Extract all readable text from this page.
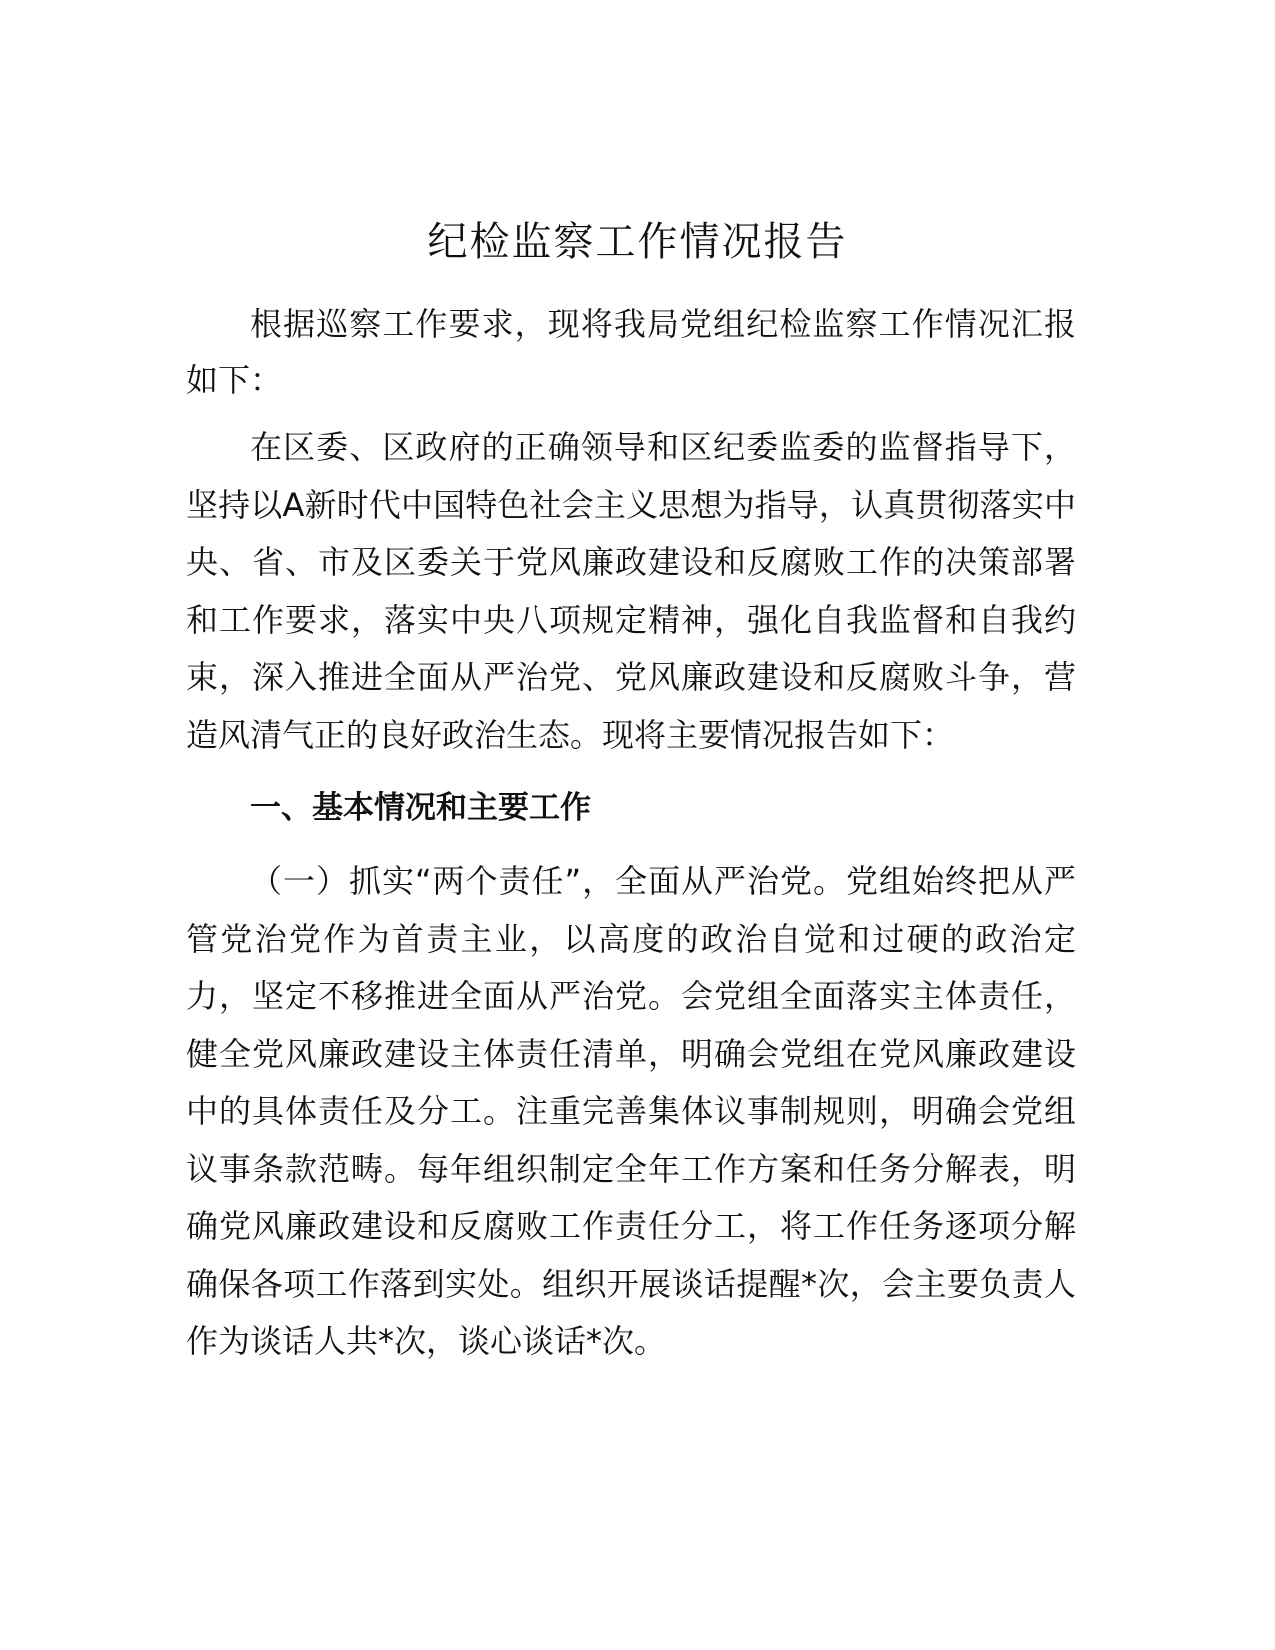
纪检监察工作情况报告

根据巡察工作要求，现将我局党组纪检监察工作情况汇报如下：

在区委、区政府的正确领导和区纪委监委的监督指导下，坚持以A新时代中国特色社会主义思想为指导，认真贯彻落实中央、省、市及区委关于党风廉政建设和反腐败工作的决策部署和工作要求，落实中央八项规定精神，强化自我监督和自我约束，深入推进全面从严治党、党风廉政建设和反腐败斗争，营造风清气正的良好政治生态。现将主要情况报告如下：

一、基本情况和主要工作

（一）抓实“两个责任”，全面从严治党。党组始终把从严管党治党作为首责主业，以高度的政治自觉和过硬的政治定力，坚定不移推进全面从严治党。会党组全面落实主体责任，健全党风廉政建设主体责任清单，明确会党组在党风廉政建设中的具体责任及分工。注重完善集体议事制规则，明确会党组议事条款范畴。每年组织制定全年工作方案和任务分解表，明确党风廉政建设和反腐败工作责任分工，将工作任务逐项分解确保各项工作落到实处。组织开展谈话提醒*次，会主要负责人作为谈话人共*次，谈心谈话*次。
